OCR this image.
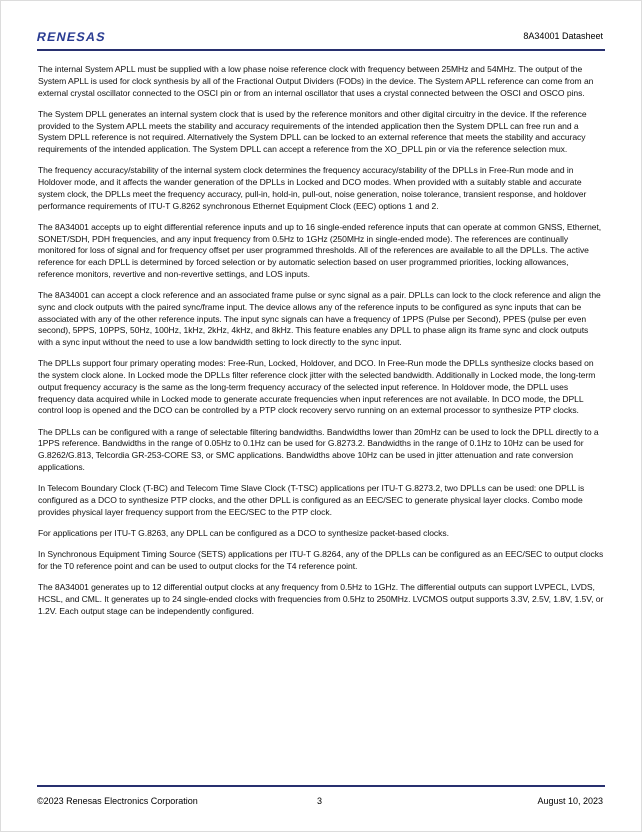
RENESAS	8A34001 Datasheet

The internal System APLL must be supplied with a low phase noise reference clock with frequency between 25MHz and 54MHz. The output of the System APLL is used for clock synthesis by all of the Fractional Output Dividers (FODs) in the device. The System APLL reference can come from an external crystal oscillator connected to the OSCI pin or from an internal oscillator that uses a crystal connected between the OSCI and OSCO pins.

The System DPLL generates an internal system clock that is used by the reference monitors and other digital circuitry in the device. If the reference provided to the System APLL meets the stability and accuracy requirements of the intended application then the System DPLL can free run and a System DPLL reference is not required. Alternatively the System DPLL can be locked to an external reference that meets the stability and accuracy requirements of the intended application. The System DPLL can accept a reference from the XO_DPLL pin or via the reference selection mux.

The frequency accuracy/stability of the internal system clock determines the frequency accuracy/stability of the DPLLs in Free-Run mode and in Holdover mode, and it affects the wander generation of the DPLLs in Locked and DCO modes. When provided with a suitably stable and accurate system clock, the DPLLs meet the frequency accuracy, pull-in, hold-in, pull-out, noise generation, noise tolerance, transient response, and holdover performance requirements of ITU-T G.8262 synchronous Ethernet Equipment Clock (EEC) options 1 and 2.

The 8A34001 accepts up to eight differential reference inputs and up to 16 single-ended reference inputs that can operate at common GNSS, Ethernet, SONET/SDH, PDH frequencies, and any input frequency from 0.5Hz to 1GHz (250MHz in single-ended mode). The references are continually monitored for loss of signal and for frequency offset per user programmed thresholds. All of the references are available to all the DPLLs. The active reference for each DPLL is determined by forced selection or by automatic selection based on user programmed priorities, locking allowances, reference monitors, revertive and non-revertive settings, and LOS inputs.

The 8A34001 can accept a clock reference and an associated frame pulse or sync signal as a pair. DPLLs can lock to the clock reference and align the sync and clock outputs with the paired sync/frame input. The device allows any of the reference inputs to be configured as sync inputs that can be associated with any of the other reference inputs. The input sync signals can have a frequency of 1PPS (Pulse per Second), PPES (pulse per even second), 5PPS, 10PPS, 50Hz, 100Hz, 1kHz, 2kHz, 4kHz, and 8kHz. This feature enables any DPLL to phase align its frame sync and clock outputs with a sync input without the need to use a low bandwidth setting to lock directly to the sync input.

The DPLLs support four primary operating modes: Free-Run, Locked, Holdover, and DCO. In Free-Run mode the DPLLs synthesize clocks based on the system clock alone. In Locked mode the DPLLs filter reference clock jitter with the selected bandwidth. Additionally in Locked mode, the long-term output frequency accuracy is the same as the long-term frequency accuracy of the selected input reference. In Holdover mode, the DPLL uses frequency data acquired while in Locked mode to generate accurate frequencies when input references are not available. In DCO mode, the DPLL control loop is opened and the DCO can be controlled by a PTP clock recovery servo running on an external processor to synthesize PTP clocks.

The DPLLs can be configured with a range of selectable filtering bandwidths. Bandwidths lower than 20mHz can be used to lock the DPLL directly to a 1PPS reference. Bandwidths in the range of 0.05Hz to 0.1Hz can be used for G.8273.2. Bandwidths in the range of 0.1Hz to 10Hz can be used for G.8262/G.813, Telcordia GR-253-CORE S3, or SMC applications. Bandwidths above 10Hz can be used in jitter attenuation and rate conversion applications.

In Telecom Boundary Clock (T-BC) and Telecom Time Slave Clock (T-TSC) applications per ITU-T G.8273.2, two DPLLs can be used: one DPLL is configured as a DCO to synthesize PTP clocks, and the other DPLL is configured as an EEC/SEC to generate physical layer clocks. Combo mode provides physical layer frequency support from the EEC/SEC to the PTP clock.

For applications per ITU-T G.8263, any DPLL can be configured as a DCO to synthesize packet-based clocks.

In Synchronous Equipment Timing Source (SETS) applications per ITU-T G.8264, any of the DPLLs can be configured as an EEC/SEC to output clocks for the T0 reference point and can be used to output clocks for the T4 reference point.

The 8A34001 generates up to 12 differential output clocks at any frequency from 0.5Hz to 1GHz. The differential outputs can support LVPECL, LVDS, HCSL, and CML. It generates up to 24 single-ended clocks with frequencies from 0.5Hz to 250MHz. LVCMOS output supports 3.3V, 2.5V, 1.8V, 1.5V, or 1.2V. Each output stage can be independently configured.

©2023 Renesas Electronics Corporation	3	August 10, 2023
